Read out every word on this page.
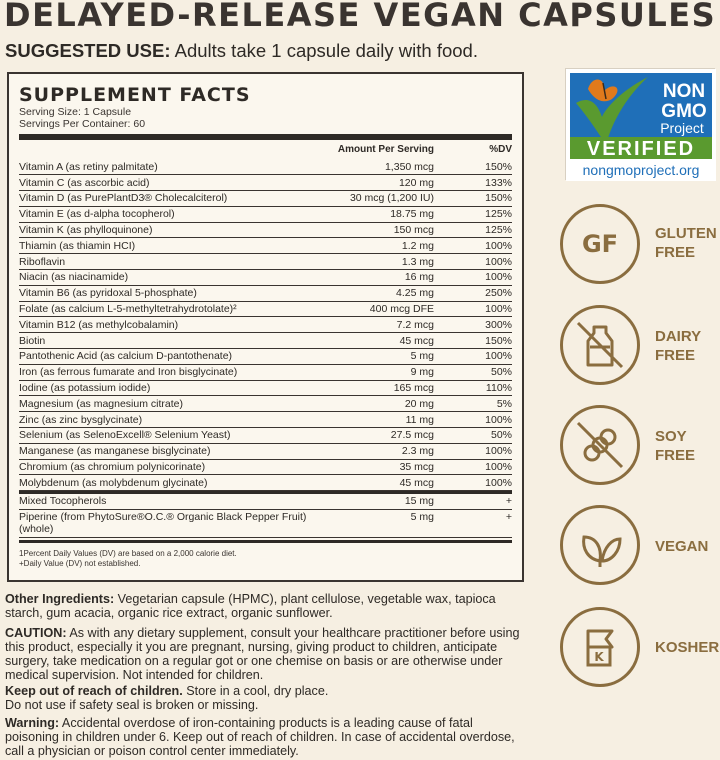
DELAYED-RELEASE VEGAN CAPSULES
SUGGESTED USE: Adults take 1 capsule daily with food.
SUPPLEMENT FACTS
Serving Size: 1 Capsule
Servings Per Container: 60
	Amount Per Serving	%DV
Vitamin A (as retiny palmitate)	1,350 mcg	150%
Vitamin C (as ascorbic acid)	120 mg	133%
Vitamin D (as PurePlantD3® Cholecalciterol)	30 mcg (1,200 IU)	150%
Vitamin E (as d-alpha tocopherol)	18.75 mg	125%
Vitamin K (as phylloquinone)	150 mcg	125%
Thiamin (as thiamin HCI)	1.2 mg	100%
Riboflavin	1.3 mg	100%
Niacin (as niacinamide)	16 mg	100%
Vitamin B6 (as pyridoxal 5-phosphate)	4.25 mg	250%
Folate (as calcium L-5-methyltetrahydrotolate)²	400 mcg DFE	100%
Vitamin B12 (as methylcobalamin)	7.2 mcg	300%
Biotin	45 mcg	150%
Pantothenic Acid (as calcium D-pantothenate)	5 mg	100%
Iron (as ferrous fumarate and Iron bisglycinate)	9 mg	50%
Iodine (as potassium iodide)	165 mcg	110%
Magnesium (as magnesium citrate)	20 mg	5%
Zinc (as zinc bysglycinate)	11 mg	100%
Selenium (as SelenoExcell® Selenium Yeast)	27.5 mcg	50%
Manganese (as manganese bisglycinate)	2.3 mg	100%
Chromium (as chromium polynicorinate)	35 mcg	100%
Molybdenum (as molybdenum glycinate)	45 mcg	100%

Mixed Tocopherols	15 mg	+
Piperine (from PhytoSure®O.C.® Organic Black Pepper Fruit) (whole)	5 mg	+
1Percent Daily Values (DV) are based on a 2,000 calorie diet.
+Daily Value (DV) not established.
Other Ingredients: Vegetarian capsule (HPMC), plant cellulose, vegetable wax, tapioca starch, gum acacia, organic rice extract, organic sunflower.
CAUTION: As with any dietary supplement, consult your healthcare practitioner before using this product, especially it you are pregnant, nursing, giving product to children, anticipate surgery, take medication on a regular got or one chemise on basis or are otherwise under medical supervision. Not intended for children.
Keep out of reach of children. Store in a cool, dry place.
Do not use if safety seal is broken or missing.
Warning: Accidental overdose of iron-containing products is a leading cause of fatal poisoning in children under 6. Keep out of reach of children. In case of accidental overdose, call a physician or poison control center immediately.
NON
GMO
Project
VERIFIED
nongmoproject.org
GF GLUTEN
FREE
DAIRY
FREE
SOY
FREE
VEGAN
K
KOSHER
